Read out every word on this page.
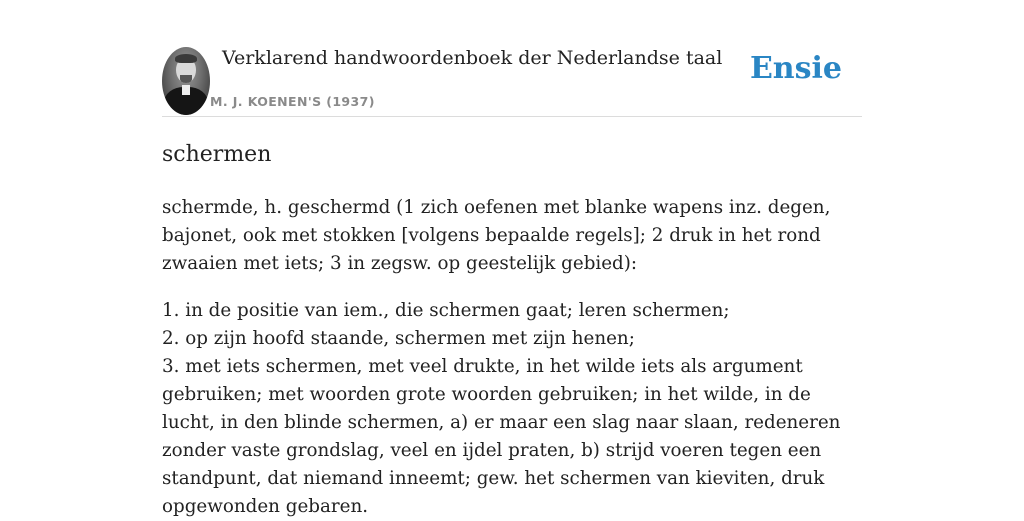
Verklarend handwoordenboek der Nederlandse taal
M. J. KOENEN'S (1937)
Ensie
schermen

schermde, h. geschermd (1 zich oefenen met blanke wapens inz. degen, bajonet, ook met stokken [volgens bepaalde regels]; 2 druk in het rond zwaaien met iets; 3 in zegsw. op geestelijk gebied):

1. in de positie van iem., die schermen gaat; leren schermen;
2. op zijn hoofd staande, schermen met zijn henen;
3. met iets schermen, met veel drukte, in het wilde iets als argument gebruiken; met woorden grote woorden gebruiken; in het wilde, in de lucht, in den blinde schermen, a) er maar een slag naar slaan, redeneren zonder vaste grondslag, veel en ijdel praten, b) strijd voeren tegen een standpunt, dat niemand inneemt; gew. het schermen van kieviten, druk opgewonden gebaren.
